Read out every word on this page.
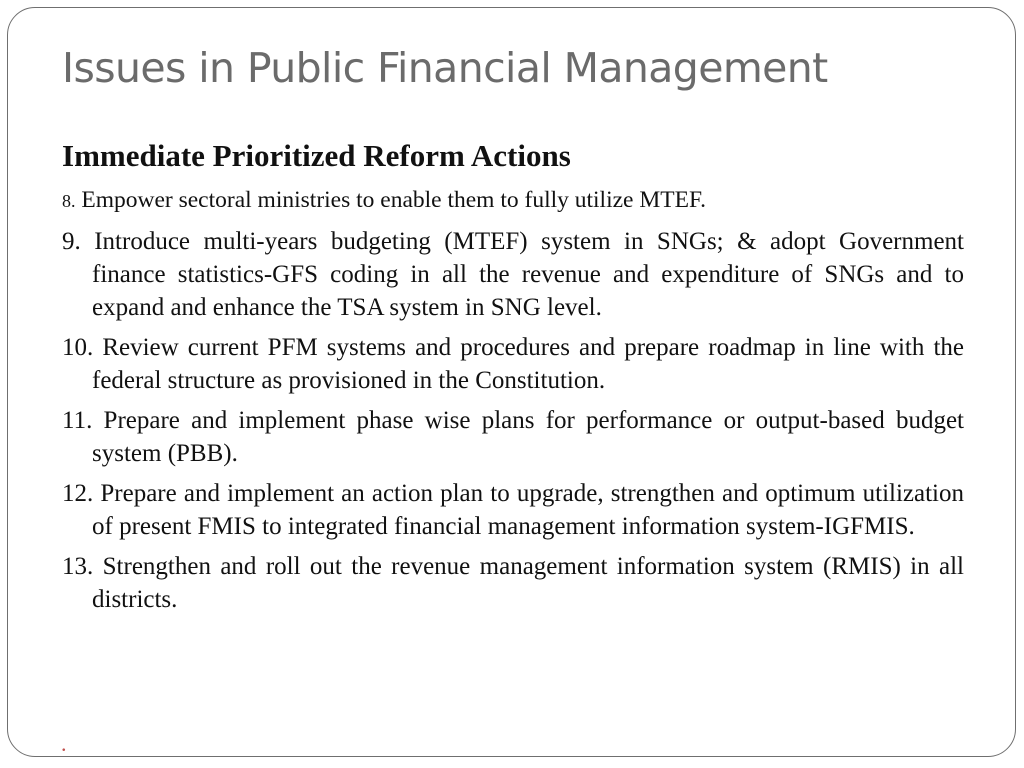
Issues in Public Financial Management
Immediate Prioritized Reform Actions
8. Empower sectoral ministries to enable them to fully utilize MTEF.
9. Introduce multi-years budgeting (MTEF) system in SNGs; & adopt Government finance statistics-GFS coding in all the revenue and expenditure of SNGs and to expand and enhance the TSA system in SNG level.
10. Review current PFM systems and procedures and prepare roadmap in line with the federal structure as provisioned in the Constitution.
11. Prepare and implement phase wise plans for performance or output-based budget system (PBB).
12. Prepare and implement an action plan to upgrade, strengthen and optimum utilization of present FMIS to integrated financial management information system-IGFMIS.
13. Strengthen and roll out the revenue management information system (RMIS) in all districts.
.
